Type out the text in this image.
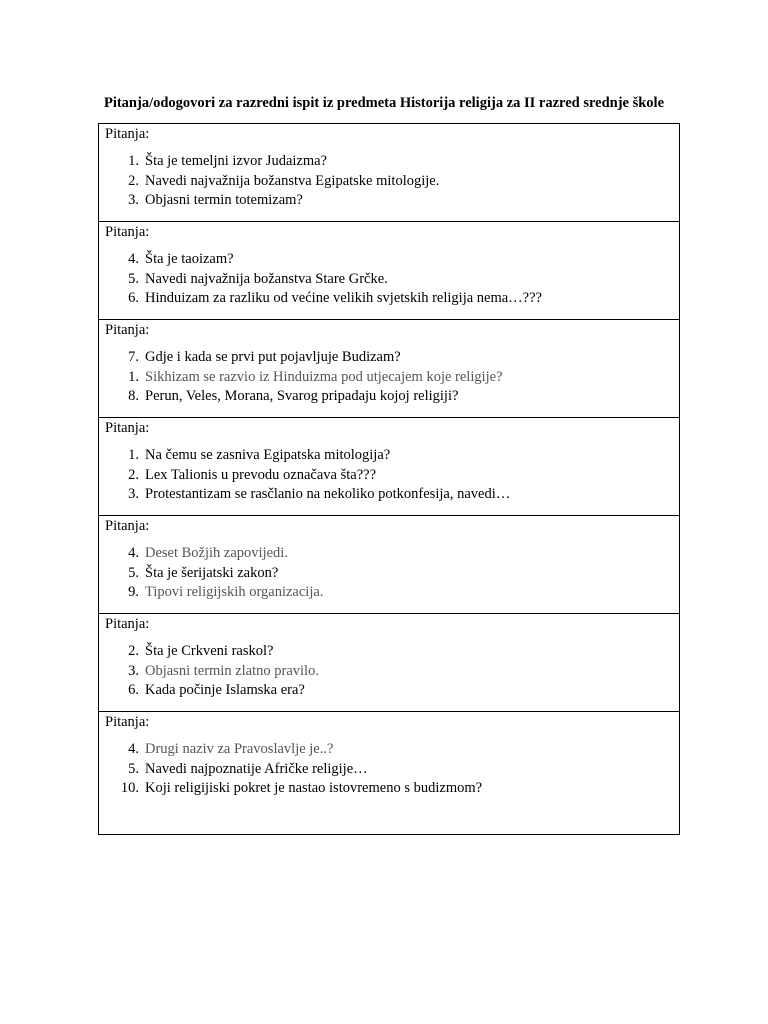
Pitanja/odogovori za razredni ispit iz predmeta Historija religija za II razred srednje škole
Pitanja:
1. Šta je temeljni izvor Judaizma?
2. Navedi najvažnija božanstva Egipatske mitologije.
3. Objasni termin totemizam?
Pitanja:
4. Šta je taoizam?
5. Navedi najvažnija božanstva Stare Grčke.
6. Hinduizam za razliku od većine velikih svjetskih religija nema…???
Pitanja:
7. Gdje i kada se prvi put pojavljuje Budizam?
1. Sikhizam se razvio iz Hinduizma pod utjecajem koje religije?
8. Perun, Veles, Morana, Svarog pripadaju kojoj religiji?
Pitanja:
1. Na čemu se zasniva Egipatska mitologija?
2. Lex Talionis u prevodu označava šta???
3. Protestantizam se rasčlanio na nekoliko potkonfesija, navedi…
Pitanja:
4. Deset Božjih zapovijedi.
5. Šta je šerijatski zakon?
9. Tipovi religijskih organizacija.
Pitanja:
2. Šta je Crkveni raskol?
3. Objasni termin zlatno pravilo.
6. Kada počinje Islamska era?
Pitanja:
4. Drugi naziv za Pravoslavlje je..?
5. Navedi najpoznatije Afričke religije…
10. Koji religijiski pokret je nastao istovremeno s budizmom?
